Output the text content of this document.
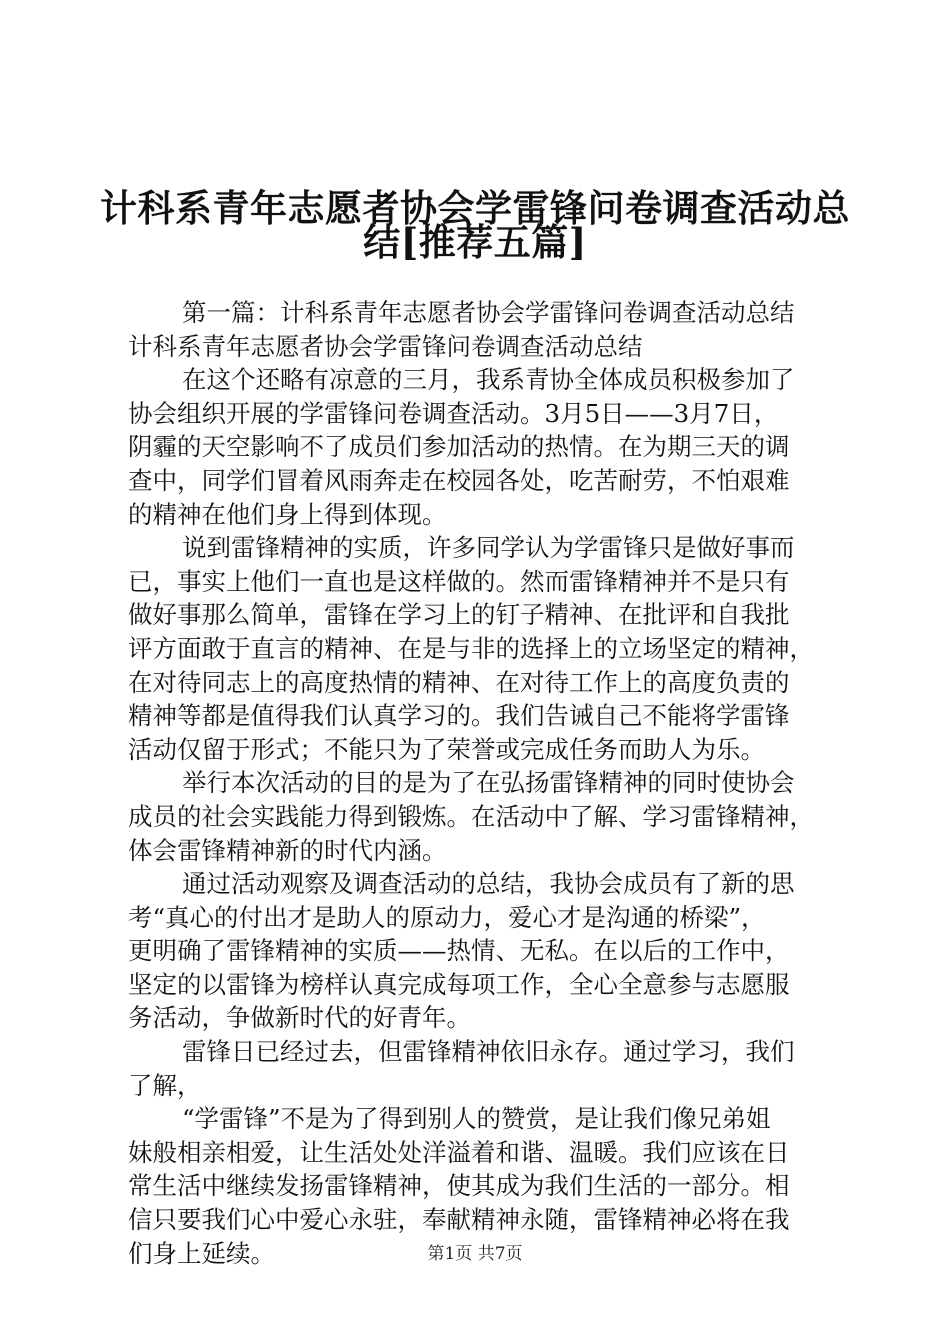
计科系青年志愿者协会学雷锋问卷调查活动总
结[推荐五篇]
第一篇：计科系青年志愿者协会学雷锋问卷调查活动总结
计科系青年志愿者协会学雷锋问卷调查活动总结
在这个还略有凉意的三月，我系青协全体成员积极参加了
协会组织开展的学雷锋问卷调查活动。3月5日——3月7日，
阴霾的天空影响不了成员们参加活动的热情。在为期三天的调
查中，同学们冒着风雨奔走在校园各处，吃苦耐劳，不怕艰难
的精神在他们身上得到体现。
说到雷锋精神的实质，许多同学认为学雷锋只是做好事而
已，事实上他们一直也是这样做的。然而雷锋精神并不是只有
做好事那么简单，雷锋在学习上的钉子精神、在批评和自我批
评方面敢于直言的精神、在是与非的选择上的立场坚定的精神，
在对待同志上的高度热情的精神、在对待工作上的高度负责的
精神等都是值得我们认真学习的。我们告诫自己不能将学雷锋
活动仅留于形式；不能只为了荣誉或完成任务而助人为乐。
举行本次活动的目的是为了在弘扬雷锋精神的同时使协会
成员的社会实践能力得到锻炼。在活动中了解、学习雷锋精神，
体会雷锋精神新的时代内涵。
通过活动观察及调查活动的总结，我协会成员有了新的思
考“真心的付出才是助人的原动力，爱心才是沟通的桥梁”，
更明确了雷锋精神的实质——热情、无私。在以后的工作中，
坚定的以雷锋为榜样认真完成每项工作，全心全意参与志愿服
务活动，争做新时代的好青年。
雷锋日已经过去，但雷锋精神依旧永存。通过学习，我们
了解，
“学雷锋”不是为了得到别人的赞赏，是让我们像兄弟姐
妹般相亲相爱，让生活处处洋溢着和谐、温暖。我们应该在日
常生活中继续发扬雷锋精神，使其成为我们生活的一部分。相
信只要我们心中爱心永驻，奉献精神永随，雷锋精神必将在我
们身上延续。	第1页 共7页
